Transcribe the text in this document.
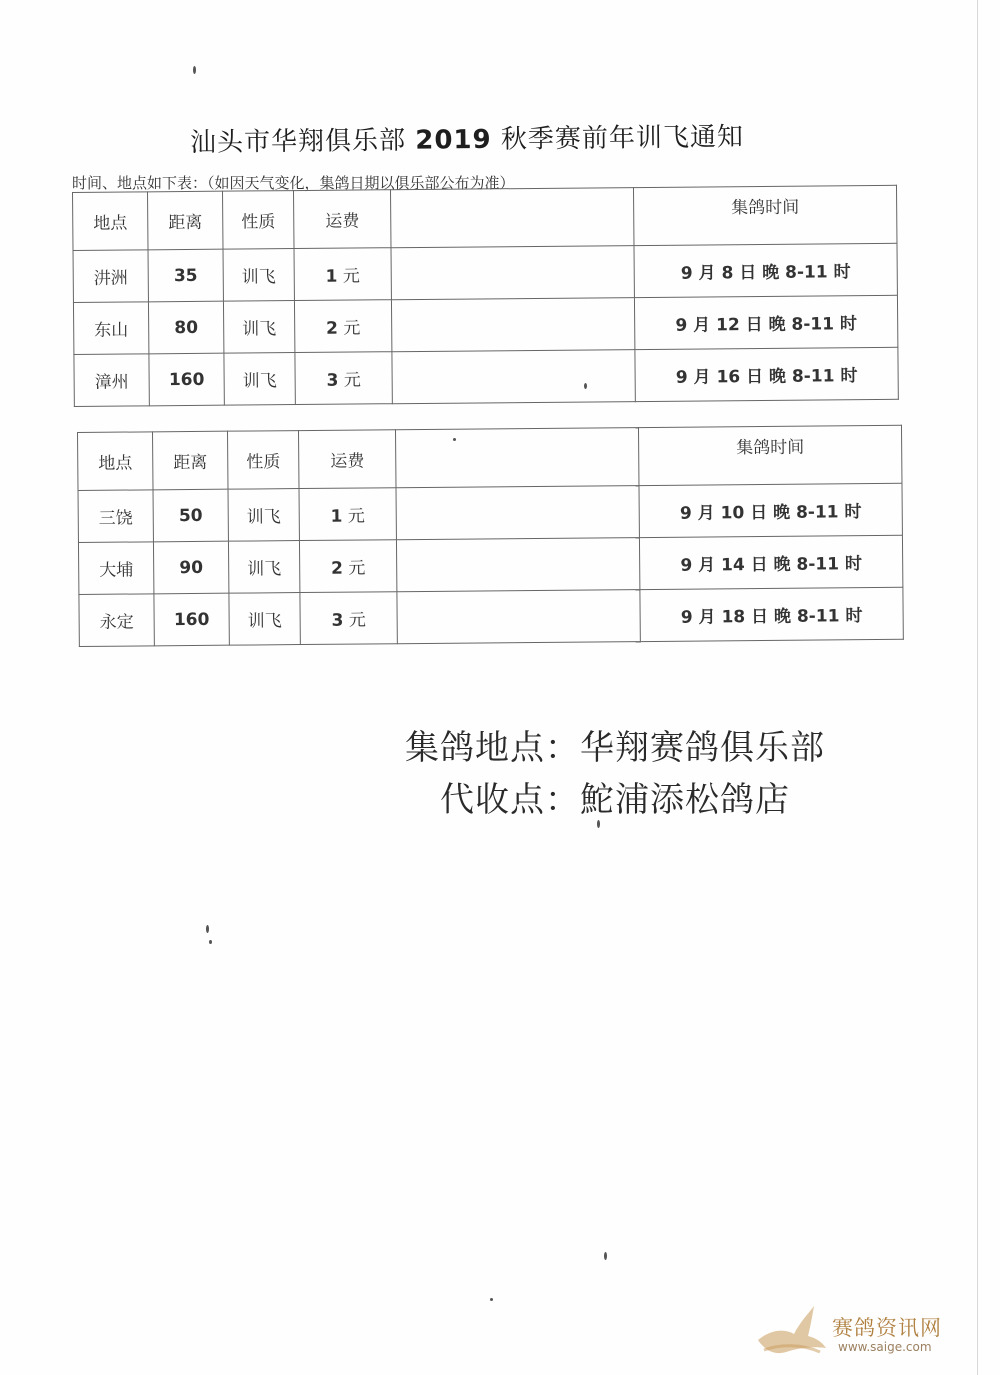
汕头市华翔俱乐部 2019 秋季赛前年训飞通知
时间、地点如下表：（如因天气变化，集鸽日期以俱乐部公布为准）
地点	距离	性质	运费		集鸽时间
汫洲	35	训飞	1 元		9 月 8 日 晚 8-11 时
东山	80	训飞	2 元		9 月 12 日 晚 8-11 时
漳州	160	训飞	3 元		9 月 16 日 晚 8-11 时
地点	距离	性质	运费		集鸽时间
三饶	50	训飞	1 元		9 月 10 日 晚 8-11 时
大埔	90	训飞	2 元		9 月 14 日 晚 8-11 时
永定	160	训飞	3 元		9 月 18 日 晚 8-11 时
集鸽地点：华翔赛鸽俱乐部
代收点：鮀浦添松鸽店
赛鸽资讯网
www.saige.com
